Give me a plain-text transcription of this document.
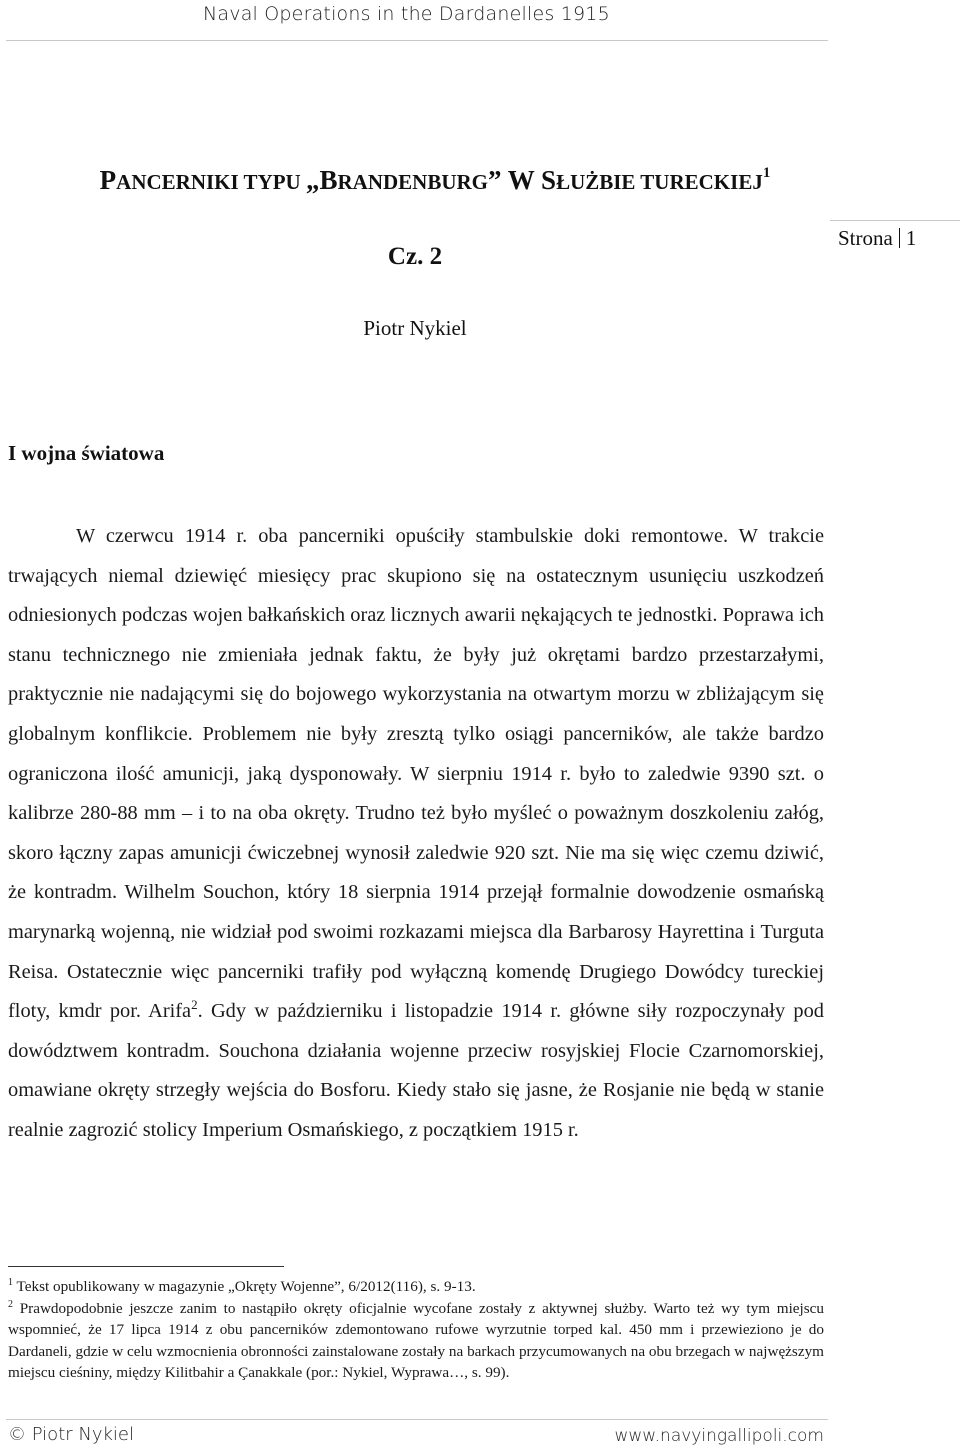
Naval Operations in the Dardanelles 1915
PANCERNIKI TYPU „BRANDENBURG” W SŁUŻBIE TURECKIEJ$^1$
Strona 1
Cz. 2
Piotr Nykiel
I wojna światowa

W czerwcu 1914 r. oba pancerniki opuściły stambulskie doki remontowe. W trakcie trwających niemal dziewięć miesięcy prac skupiono się na ostatecznym usunięciu uszkodzeń odniesionych podczas wojen bałkańskich oraz licznych awarii nękających te jednostki. Poprawa ich stanu technicznego nie zmieniała jednak faktu, że były już okrętami bardzo przestarzałymi, praktycznie nie nadającymi się do bojowego wykorzystania na otwartym morzu w zbliżającym się globalnym konflikcie. Problemem nie były zresztą tylko osiągi pancerników, ale także bardzo ograniczona ilość amunicji, jaką dysponowały. W sierpniu 1914 r. było to zaledwie 9390 szt. o kalibrze 280-88 mm – i to na oba okręty. Trudno też było myśleć o poważnym doszkoleniu załóg, skoro łączny zapas amunicji ćwiczebnej wynosił zaledwie 920 szt. Nie ma się więc czemu dziwić, że kontradm. Wilhelm Souchon, który 18 sierpnia 1914 przejął formalnie dowodzenie osmańską marynarką wojenną, nie widział pod swoimi rozkazami miejsca dla Barbarosy Hayrettina i Turguta Reisa. Ostatecznie więc pancerniki trafiły pod wyłączną komendę Drugiego Dowódcy tureckiej floty, kmdr por. Arifa$^2$. Gdy w październiku i listopadzie 1914 r. główne siły rozpoczynały pod dowództwem kontradm. Souchona działania wojenne przeciw rosyjskiej Flocie Czarnomorskiej, omawiane okręty strzegły wejścia do Bosforu. Kiedy stało się jasne, że Rosjanie nie będą w stanie realnie zagrozić stolicy Imperium Osmańskiego, z początkiem 1915 r.

$^1$ Tekst opublikowany w magazynie „Okręty Wojenne”, 6/2012(116), s. 9-13.

$^2$ Prawdopodobnie jeszcze zanim to nastąpiło okręty oficjalnie wycofane zostały z aktywnej służby. Warto też wy tym miejscu wspomnieć, że 17 lipca 1914 z obu pancerników zdemontowano rufowe wyrzutnie torped kal. 450 mm i przewieziono je do Dardaneli, gdzie w celu wzmocnienia obronności zainstalowane zostały na barkach przycumowanych na obu brzegach w najwęższym miejscu cieśniny, między Kilitbahir a Çanakkale (por.: Nykiel, Wyprawa…, s. 99).

© Piotr Nykiel	www.navyingallipoli.com
